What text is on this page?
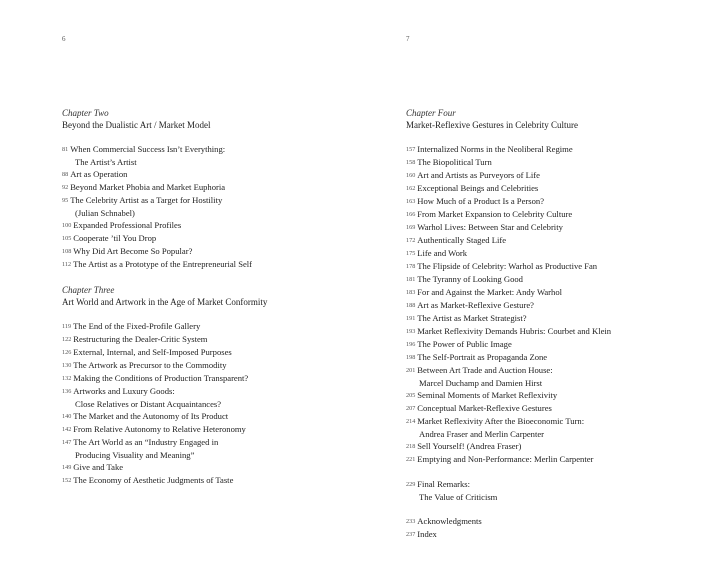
6
Chapter Two
Beyond the Dualistic Art / Market Model
81 When Commercial Success Isn’t Everything:
The Artist’s Artist
88 Art as Operation
92 Beyond Market Phobia and Market Euphoria
95 The Celebrity Artist as a Target for Hostility
(Julian Schnabel)
100 Expanded Professional Profiles
105 Cooperate ’til You Drop
108 Why Did Art Become So Popular?
112 The Artist as a Prototype of the Entrepreneurial Self
Chapter Three
Art World and Artwork in the Age of Market Conformity
119 The End of the Fixed-Profile Gallery
122 Restructuring the Dealer-Critic System
126 External, Internal, and Self-Imposed Purposes
130 The Artwork as Precursor to the Commodity
132 Making the Conditions of Production Transparent?
136 Artworks and Luxury Goods:
Close Relatives or Distant Acquaintances?
140 The Market and the Autonomy of Its Product
142 From Relative Autonomy to Relative Heteronomy
147 The Art World as an “Industry Engaged in
Producing Visuality and Meaning”
149 Give and Take
152 The Economy of Aesthetic Judgments of Taste
7
Chapter Four
Market-Reflexive Gestures in Celebrity Culture
157 Internalized Norms in the Neoliberal Regime
158 The Biopolitical Turn
160 Art and Artists as Purveyors of Life
162 Exceptional Beings and Celebrities
163 How Much of a Product Is a Person?
166 From Market Expansion to Celebrity Culture
169 Warhol Lives: Between Star and Celebrity
172 Authentically Staged Life
175 Life and Work
178 The Flipside of Celebrity: Warhol as Productive Fan
181 The Tyranny of Looking Good
183 For and Against the Market: Andy Warhol
188 Art as Market-Reflexive Gesture?
191 The Artist as Market Strategist?
193 Market Reflexivity Demands Hubris: Courbet and Klein
196 The Power of Public Image
198 The Self-Portrait as Propaganda Zone
201 Between Art Trade and Auction House:
Marcel Duchamp and Damien Hirst
205 Seminal Moments of Market Reflexivity
207 Conceptual Market-Reflexive Gestures
214 Market Reflexivity After the Bioeconomic Turn:
Andrea Fraser and Merlin Carpenter
218 Sell Yourself! (Andrea Fraser)
221 Emptying and Non-Performance: Merlin Carpenter
229 Final Remarks:
The Value of Criticism
233 Acknowledgments
237 Index
